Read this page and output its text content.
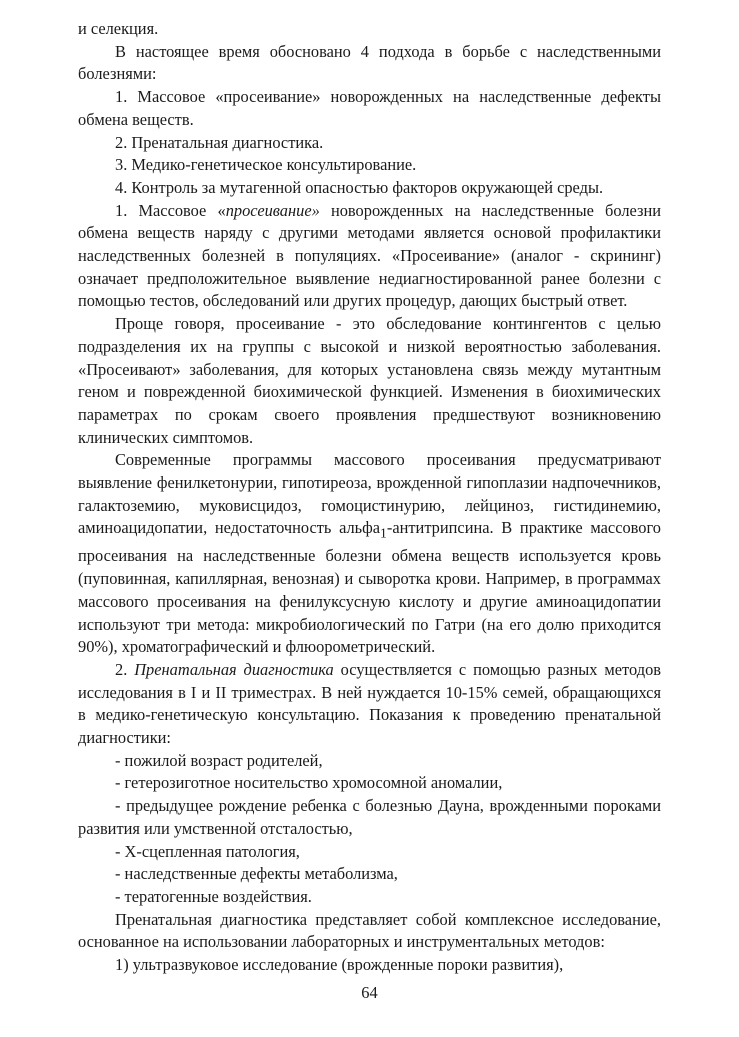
и селекция.

В настоящее время обосновано 4 подхода в борьбе с наследственными болезнями:

1. Массовое «просеивание» новорожденных на наследственные дефекты обмена веществ.

2. Пренатальная диагностика.

3. Медико-генетическое консультирование.

4. Контроль за мутагенной опасностью факторов окружающей среды.

1. Массовое «просеивание» новорожденных на наследственные болезни обмена веществ наряду с другими методами является основой профилактики наследственных болезней в популяциях. «Просеивание» (аналог - скрининг) означает предположительное выявление недиагностированной ранее болезни с помощью тестов, обследований или других процедур, дающих быстрый ответ.

Проще говоря, просеивание - это обследование контингентов с целью подразделения их на группы с высокой и низкой вероятностью заболевания. «Просеивают» заболевания, для которых установлена связь между мутантным геном и поврежденной биохимической функцией. Изменения в биохимических параметрах по срокам своего проявления предшествуют возникновению клинических симптомов.

Современные программы массового просеивания предусматривают выявление фенилкетонурии, гипотиреоза, врожденной гипоплазии надпочечников, галактоземию, муковисцидоз, гомоцистинурию, лейциноз, гистидинемию, аминоацидопатии, недостаточность альфа$_1$-антитрипсина. В практике массового просеивания на наследственные болезни обмена веществ используется кровь (пуповинная, капиллярная, венозная) и сыворотка крови. Например, в программах массового просеивания на фенилуксусную кислоту и другие аминоацидопатии используют три метода: микробиологический по Гатри (на его долю приходится 90%), хроматографический и флюорометрический.

2. Пренатальная диагностика осуществляется с помощью разных методов исследования в I и II триместрах. В ней нуждается 10-15% семей, обращающихся в медико-генетическую консультацию. Показания к проведению пренатальной диагностики:

- пожилой возраст родителей,

- гетерозиготное носительство хромосомной аномалии,

- предыдущее рождение ребенка с болезнью Дауна, врожденными пороками развития или умственной отсталостью,

- Х-сцепленная патология,

- наследственные дефекты метаболизма,

- тератогенные воздействия.

Пренатальная диагностика представляет собой комплексное исследование, основанное на использовании лабораторных и инструментальных методов:

1) ультразвуковое исследование (врожденные пороки развития),

64
